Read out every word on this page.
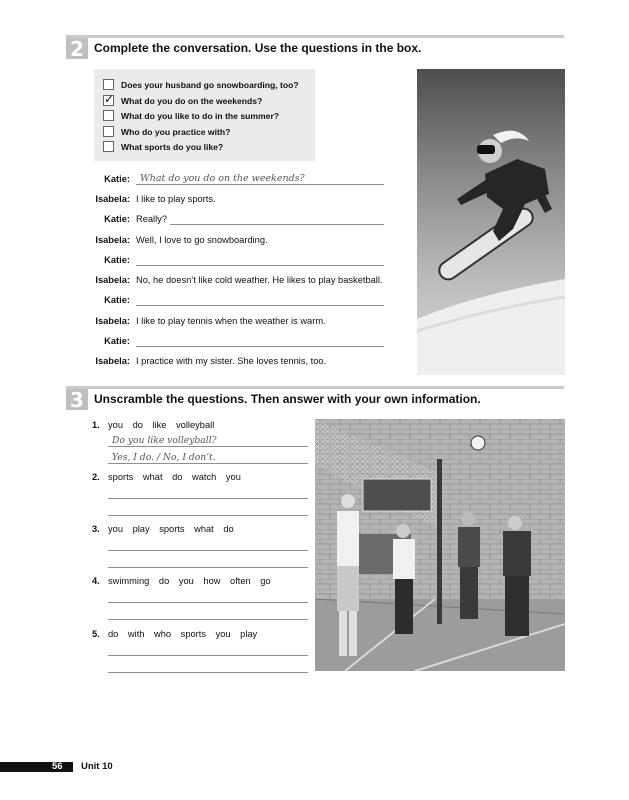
2 Complete the conversation. Use the questions in the box.
Does your husband go snowboarding, too?
✓ What do you do on the weekends?
What do you like to do in the summer?
Who do you practice with?
What sports do you like?
Katie: What do you do on the weekends?
Isabela: I like to play sports.
Katie: Really?
Isabela: Well, I love to go snowboarding.
Katie:
Isabela: No, he doesn’t like cold weather. He likes to play basketball.
Katie:
Isabela: I like to play tennis when the weather is warm.
Katie:
Isabela: I practice with my sister. She loves tennis, too.
3 Unscramble the questions. Then answer with your own information.
1. you do like volleyball
Do you like volleyball?
Yes, I do. / No, I don’t.
2. sports what do watch you
3. you play sports what do
4. swimming do you how often go
5. do with who sports you play
56 Unit 10
